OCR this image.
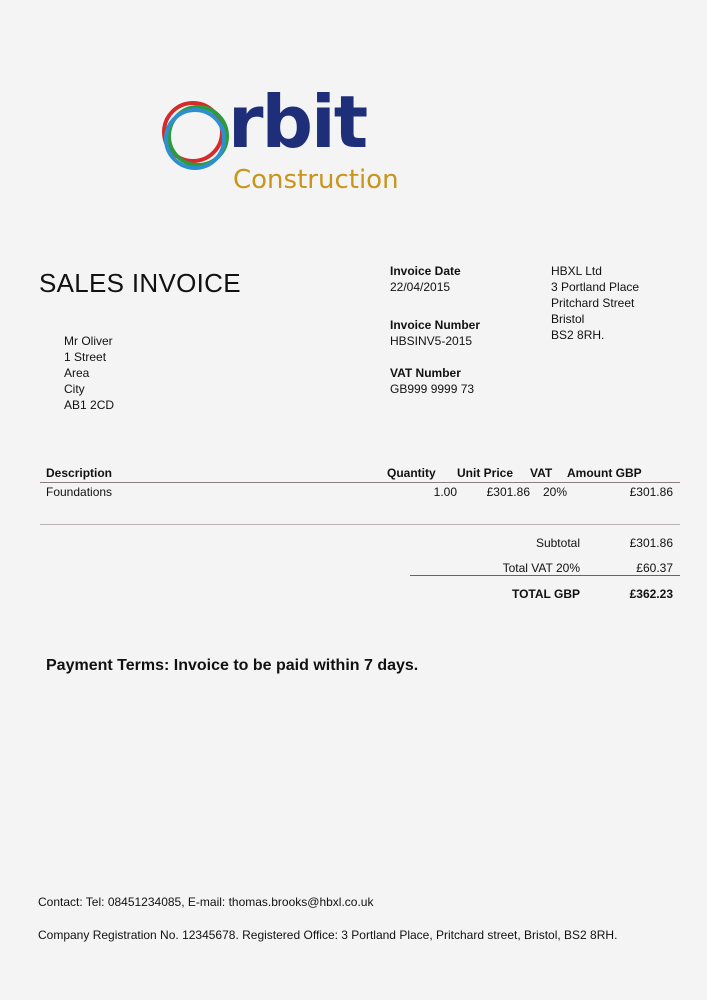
rbit
Construction
SALES INVOICE
Mr Oliver
1 Street
Area
City
AB1 2CD
Invoice Date
22/04/2015
Invoice Number
HBSINV5-2015
VAT Number
GB999 9999 73
HBXL Ltd
3 Portland Place
Pritchard Street
Bristol
BS2 8RH.
Description	Quantity	Unit Price	VAT	Amount GBP
Foundations	1.00	£301.86	20%	£301.86
Subtotal	£301.86
Total VAT 20%	£60.37
TOTAL GBP	£362.23
Payment Terms: Invoice to be paid within 7 days.
Contact: Tel: 08451234085, E-mail: thomas.brooks@hbxl.co.uk
Company Registration No. 12345678. Registered Office: 3 Portland Place, Pritchard street, Bristol, BS2 8RH.
